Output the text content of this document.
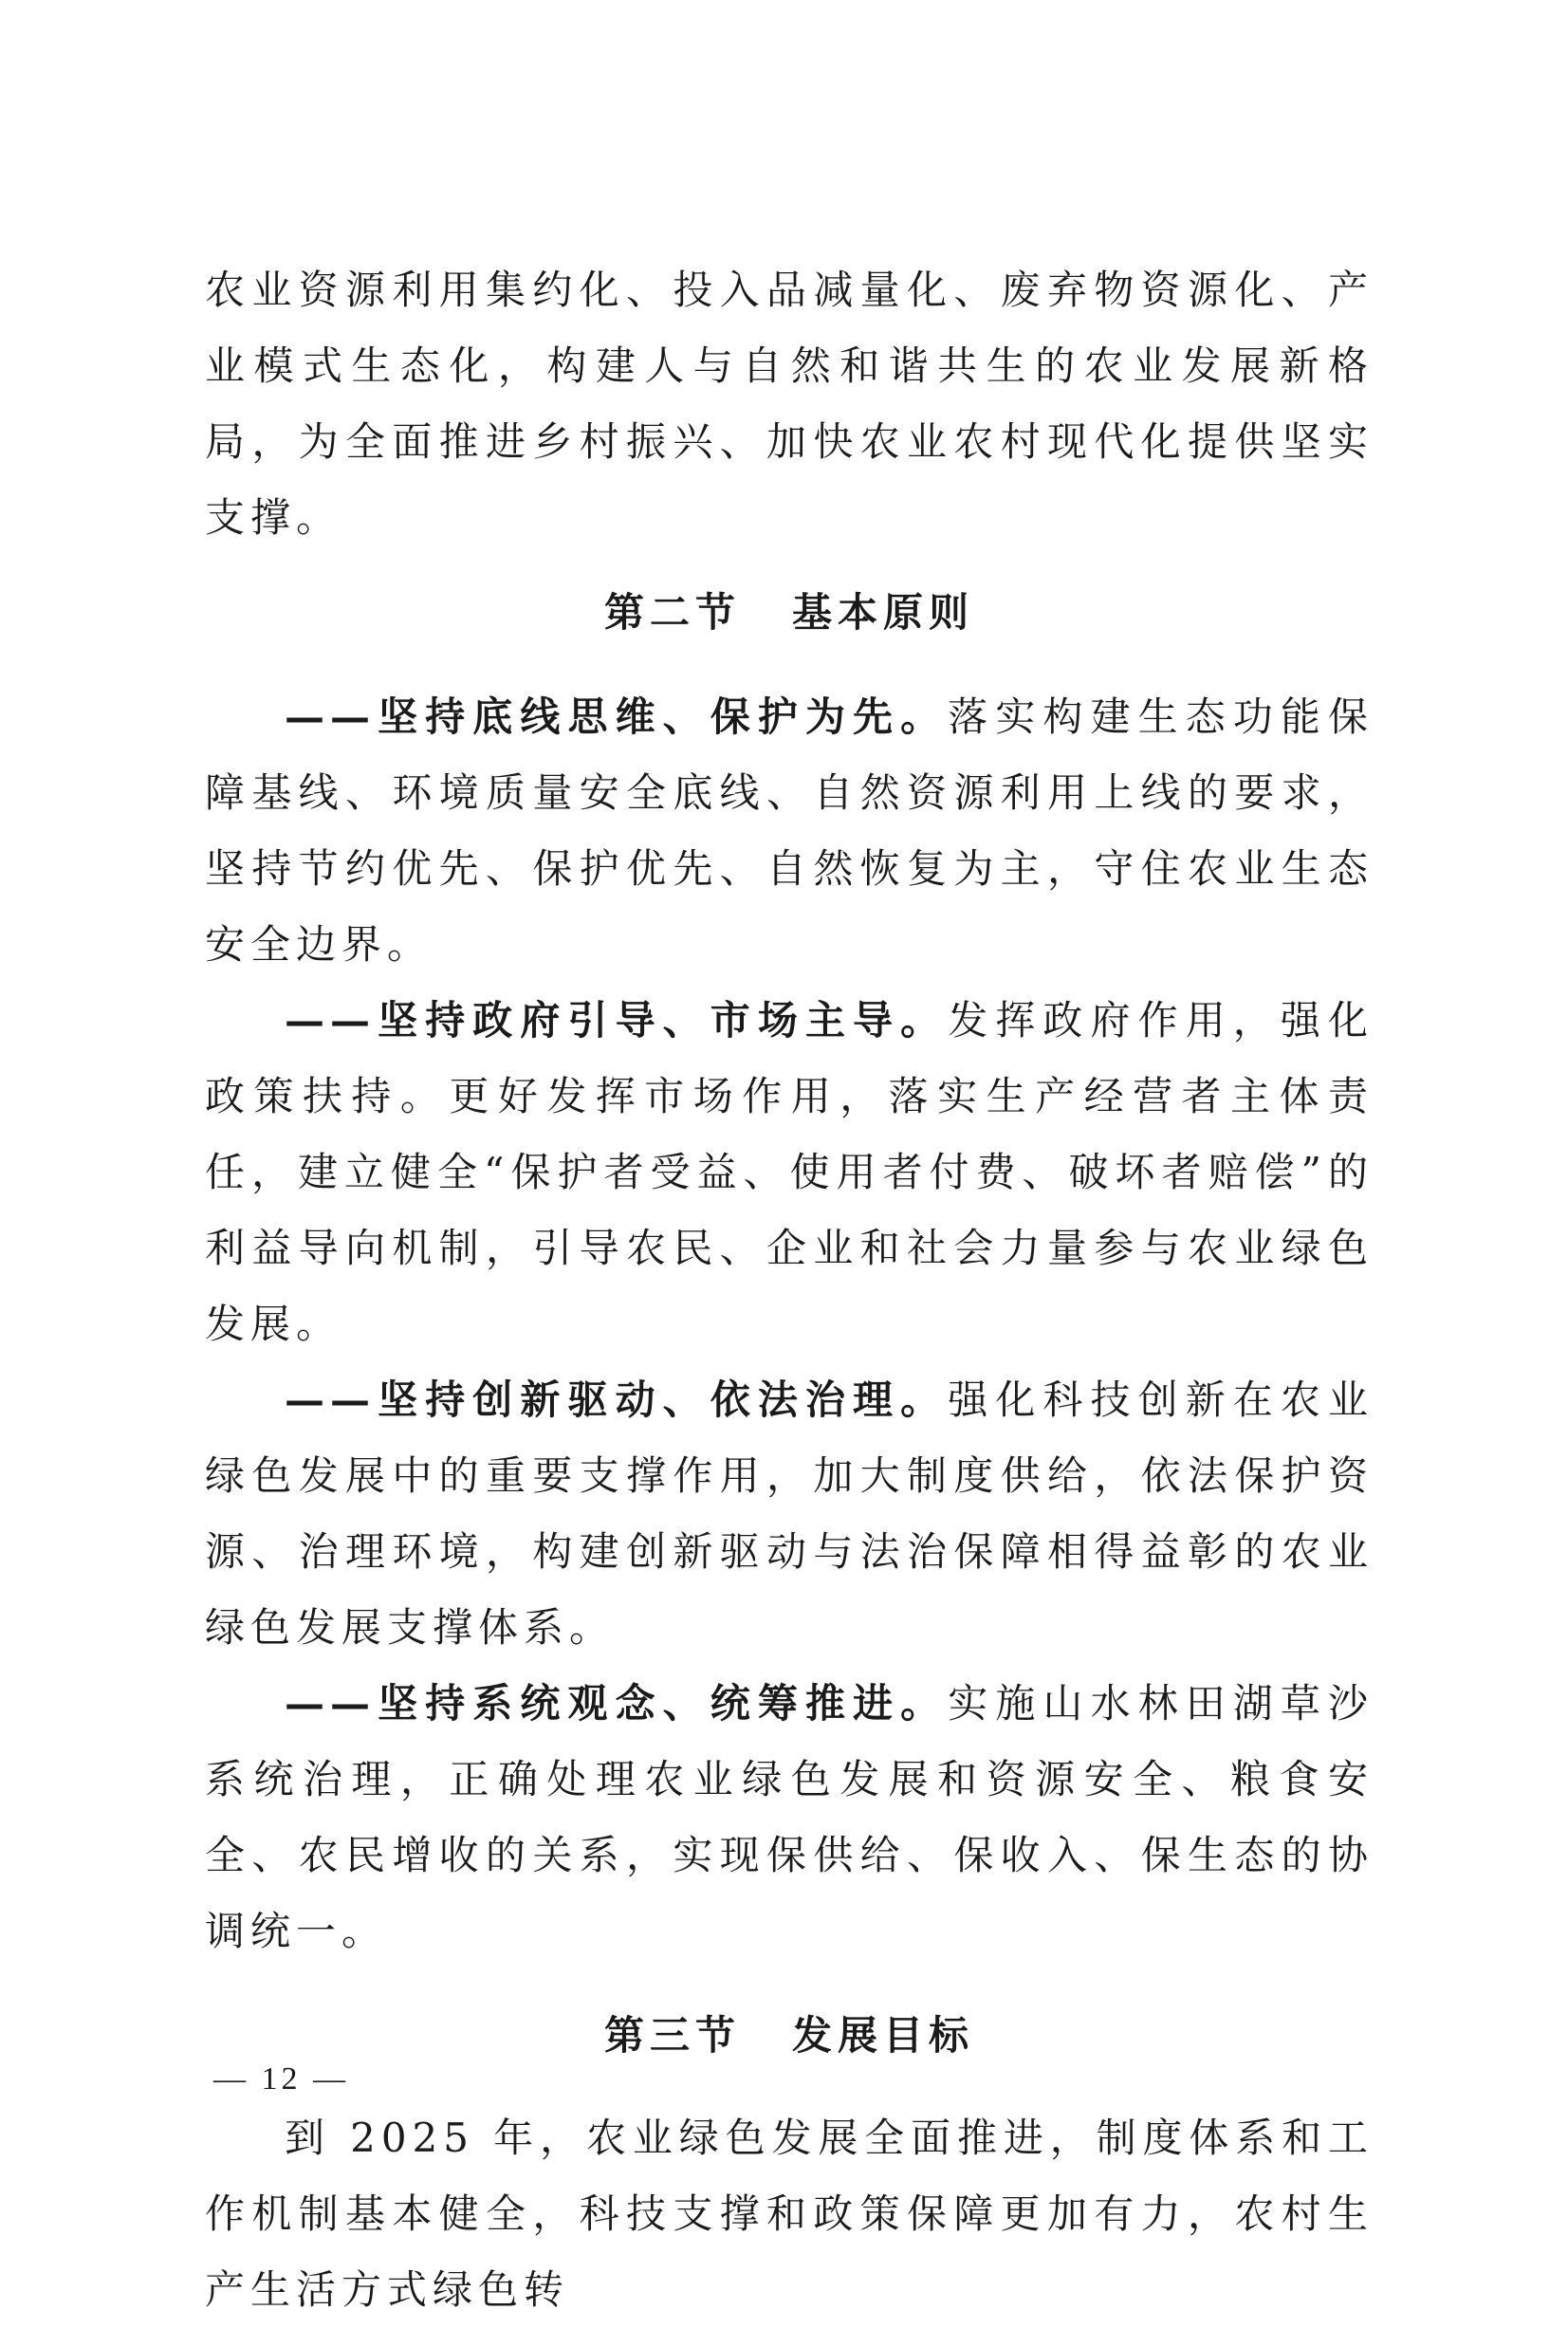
农业资源利用集约化、投入品减量化、废弃物资源化、产业模式生态化，构建人与自然和谐共生的农业发展新格局，为全面推进乡村振兴、加快农业农村现代化提供坚实支撑。

第二节 基本原则

——坚持底线思维、保护为先。落实构建生态功能保障基线、环境质量安全底线、自然资源利用上线的要求，坚持节约优先、保护优先、自然恢复为主，守住农业生态安全边界。

——坚持政府引导、市场主导。发挥政府作用，强化政策扶持。更好发挥市场作用，落实生产经营者主体责任，建立健全“保护者受益、使用者付费、破坏者赔偿”的利益导向机制，引导农民、企业和社会力量参与农业绿色发展。

——坚持创新驱动、依法治理。强化科技创新在农业绿色发展中的重要支撑作用，加大制度供给，依法保护资源、治理环境，构建创新驱动与法治保障相得益彰的农业绿色发展支撑体系。

——坚持系统观念、统筹推进。实施山水林田湖草沙系统治理，正确处理农业绿色发展和资源安全、粮食安全、农民增收的关系，实现保供给、保收入、保生态的协调统一。

第三节 发展目标

到 2025 年，农业绿色发展全面推进，制度体系和工作机制基本健全，科技支撑和政策保障更加有力，农村生产生活方式绿色转

— 12 —
